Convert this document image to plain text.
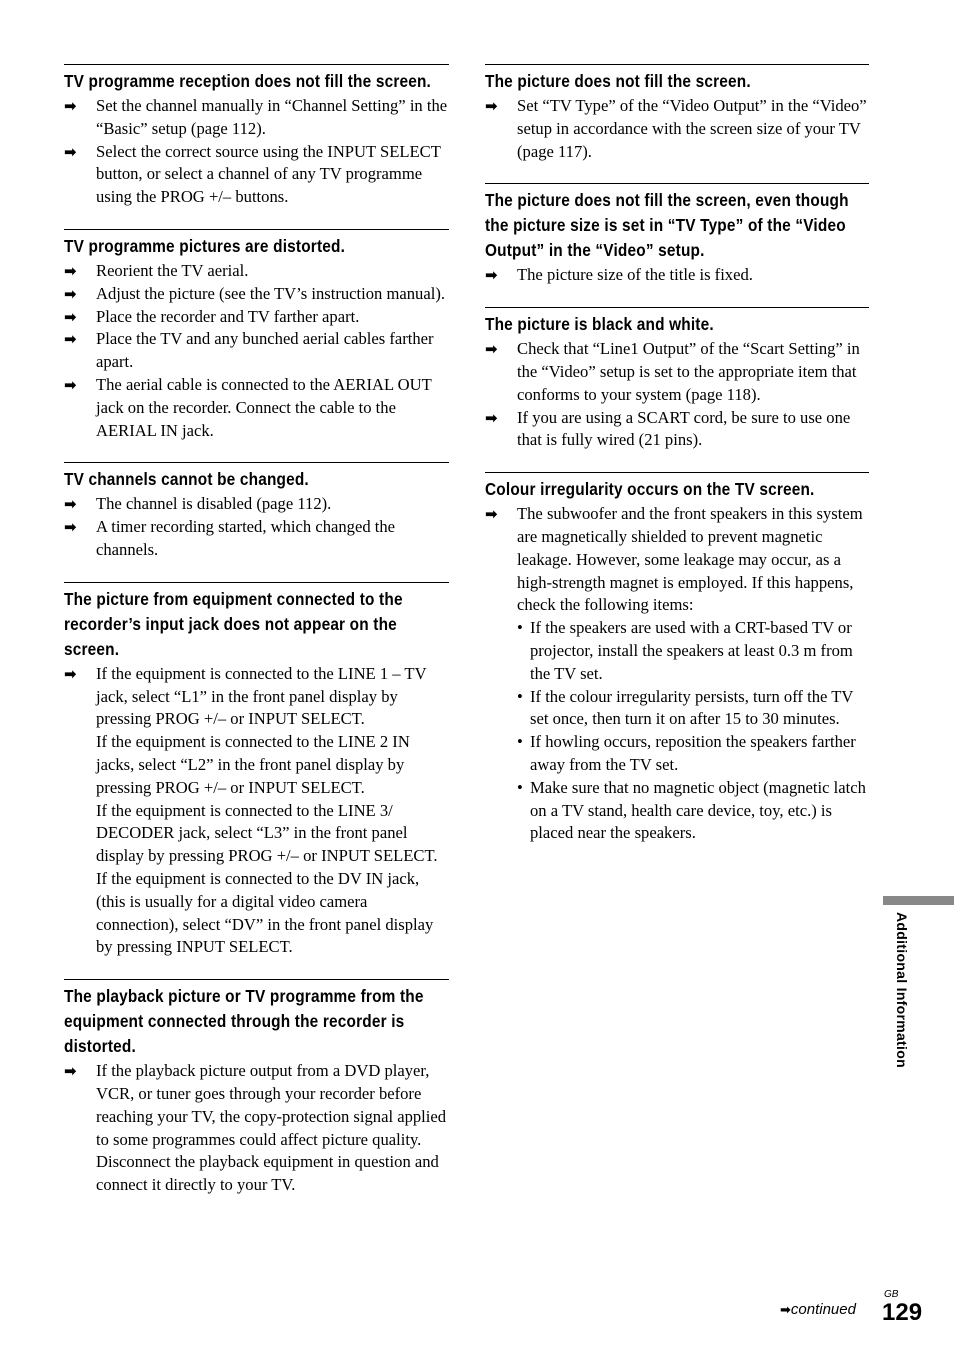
TV programme reception does not fill the screen.
➡	Set the channel manually in “Channel Setting” in the “Basic” setup (page 112).

➡	Select the correct source using the INPUT SELECT button, or select a channel of any TV programme using the PROG +/– buttons.

TV programme pictures are distorted.
➡	Reorient the TV aerial.

➡	Adjust the picture (see the TV’s instruction manual).

➡	Place the recorder and TV farther apart.

➡	Place the TV and any bunched aerial cables farther apart.

➡	The aerial cable is connected to the AERIAL OUT jack on the recorder. Connect the cable to the AERIAL IN jack.

TV channels cannot be changed.
➡	The channel is disabled (page 112).

➡	A timer recording started, which changed the channels.

The picture from equipment connected to the recorder’s input jack does not appear on the screen.
➡	If the equipment is connected to the LINE 1 – TV jack, select “L1” in the front panel display by pressing PROG +/– or INPUT SELECT.

If the equipment is connected to the LINE 2 IN jacks, select “L2” in the front panel display by pressing PROG +/– or INPUT SELECT.

If the equipment is connected to the LINE 3/ DECODER jack, select “L3” in the front panel display by pressing PROG +/– or INPUT SELECT.

If the equipment is connected to the DV IN jack, (this is usually for a digital video camera connection), select “DV” in the front panel display by pressing INPUT SELECT.

The playback picture or TV programme from the equipment connected through the recorder is distorted.
➡	If the playback picture output from a DVD player, VCR, or tuner goes through your recorder before reaching your TV, the copy-protection signal applied to some programmes could affect picture quality. Disconnect the playback equipment in question and connect it directly to your TV.

The picture does not fill the screen.
➡	Set “TV Type” of the “Video Output” in the “Video” setup in accordance with the screen size of your TV (page 117).

The picture does not fill the screen, even though the picture size is set in “TV Type” of the “Video Output” in the “Video” setup.
➡	The picture size of the title is fixed.

The picture is black and white.
➡	Check that “Line1 Output” of the “Scart Setting” in the “Video” setup is set to the appropriate item that conforms to your system (page 118).

➡	If you are using a SCART cord, be sure to use one that is fully wired (21 pins).

Colour irregularity occurs on the TV screen.
➡	The subwoofer and the front speakers in this system are magnetically shielded to prevent magnetic leakage. However, some leakage may occur, as a high-strength magnet is employed. If this happens, check the following items:

• If the speakers are used with a CRT-based TV or projector, install the speakers at least 0.3 m from the TV set.
• If the colour irregularity persists, turn off the TV set once, then turn it on after 15 to 30 minutes.
• If howling occurs, reposition the speakers farther away from the TV set.
• Make sure that no magnetic object (magnetic latch on a TV stand, health care device, toy, etc.) is placed near the speakers.
Additional Information
➡continued
GB
129
